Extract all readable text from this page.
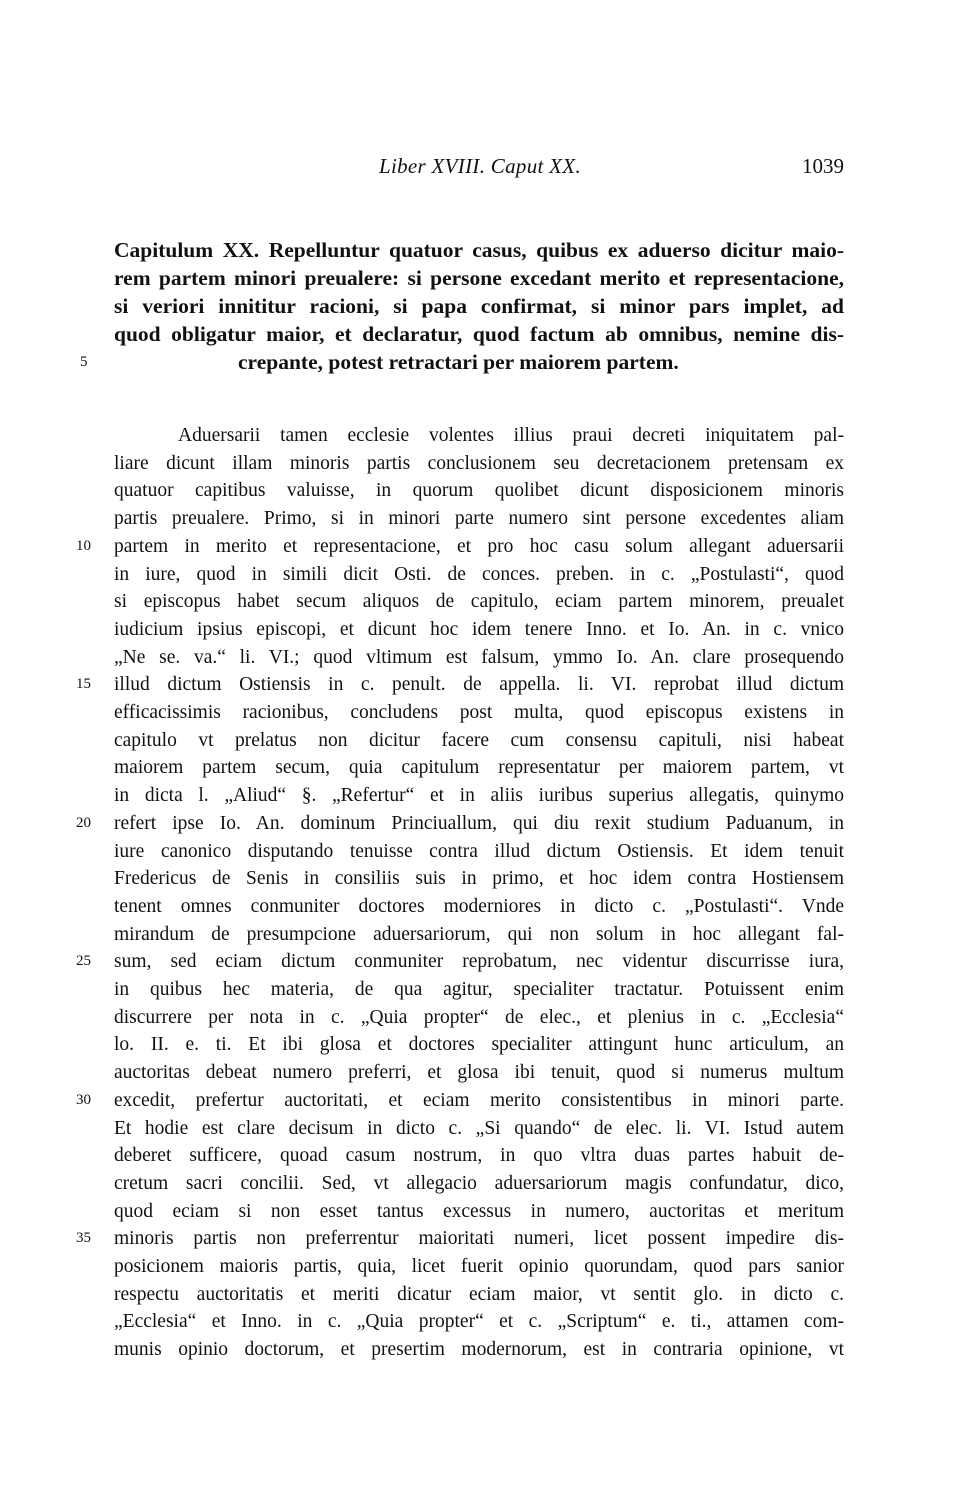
Liber XVIII. Caput XX.	1039
Capitulum XX. Repelluntur quatuor casus, quibus ex aduerso dicitur maio-
rem partem minori preualere: si persone excedant merito et representacione,
si veriori innititur racioni, si papa confirmat, si minor pars implet, ad
quod obligatur maior, et declaratur, quod factum ab omnibus, nemine dis-
crepante, potest retractari per maiorem partem.
5
Aduersarii tamen ecclesie volentes illius praui decreti iniquitatem pal-
liare dicunt illam minoris partis conclusionem seu decretacionem pretensam ex
quatuor capitibus valuisse, in quorum quolibet dicunt disposicionem minoris
partis preualere. Primo, si in minori parte numero sint persone excedentes aliam
partem in merito et representacione, et pro hoc casu solum allegant aduersarii
in iure, quod in simili dicit Osti. de conces. preben. in c. „Postulasti“, quod
si episcopus habet secum aliquos de capitulo, eciam partem minorem, preualet
iudicium ipsius episcopi, et dicunt hoc idem tenere Inno. et Io. An. in c. vnico
„Ne se. va.“ li. VI.; quod vltimum est falsum, ymmo Io. An. clare prosequendo
illud dictum Ostiensis in c. penult. de appella. li. VI. reprobat illud dictum
efficacissimis racionibus, concludens post multa, quod episcopus existens in
capitulo vt prelatus non dicitur facere cum consensu capituli, nisi habeat
maiorem partem secum, quia capitulum representatur per maiorem partem, vt
in dicta l. „Aliud“ §. „Refertur“ et in aliis iuribus superius allegatis, quinymo
refert ipse Io. An. dominum Princiuallum, qui diu rexit studium Paduanum, in
iure canonico disputando tenuisse contra illud dictum Ostiensis. Et idem tenuit
Fredericus de Senis in consiliis suis in primo, et hoc idem contra Hostiensem
tenent omnes conmuniter doctores moderniores in dicto c. „Postulasti“. Vnde
mirandum de presumpcione aduersariorum, qui non solum in hoc allegant fal-
sum, sed eciam dictum conmuniter reprobatum, nec videntur discurrisse iura,
in quibus hec materia, de qua agitur, specialiter tractatur. Potuissent enim
discurrere per nota in c. „Quia propter“ de elec., et plenius in c. „Ecclesia“
lo. II. e. ti. Et ibi glosa et doctores specialiter attingunt hunc articulum, an
auctoritas debeat numero preferri, et glosa ibi tenuit, quod si numerus multum
excedit, prefertur auctoritati, et eciam merito consistentibus in minori parte.
Et hodie est clare decisum in dicto c. „Si quando“ de elec. li. VI. Istud autem
deberet sufficere, quoad casum nostrum, in quo vltra duas partes habuit de-
cretum sacri concilii. Sed, vt allegacio aduersariorum magis confundatur, dico,
quod eciam si non esset tantus excessus in numero, auctoritas et meritum
minoris partis non preferrentur maioritati numeri, licet possent impedire dis-
posicionem maioris partis, quia, licet fuerit opinio quorundam, quod pars sanior
respectu auctoritatis et meriti dicatur eciam maior, vt sentit glo. in dicto c.
„Ecclesia“ et Inno. in c. „Quia propter“ et c. „Scriptum“ e. ti., attamen com-
munis opinio doctorum, et presertim modernorum, est in contraria opinione, vt
10
15
20
25
30
35
